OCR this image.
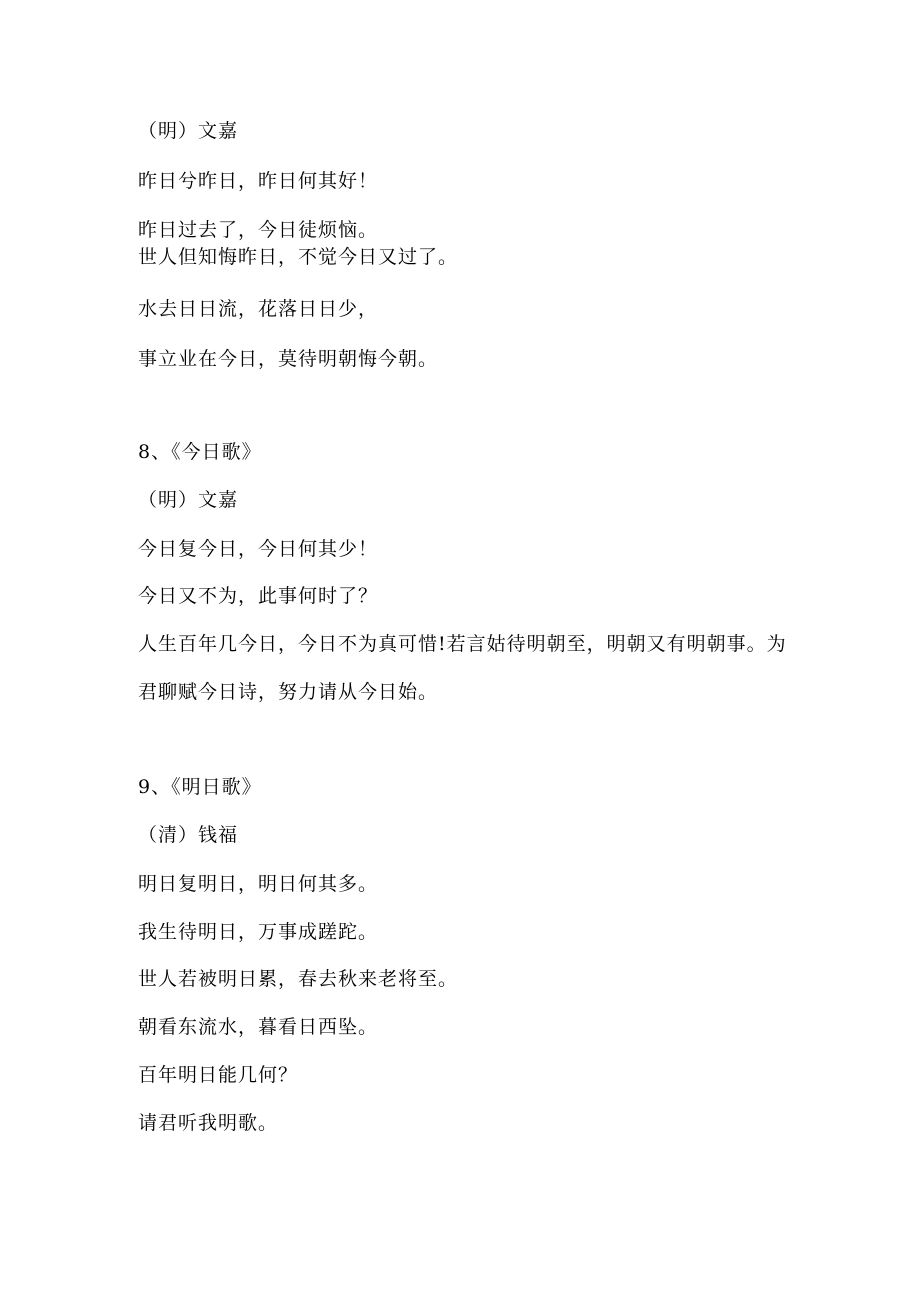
（明）文嘉
昨日兮昨日，昨日何其好！
昨日过去了，今日徒烦恼。
世人但知悔昨日，不觉今日又过了。
水去日日流，花落日日少，
事立业在今日，莫待明朝悔今朝。
8、《今日歌》
（明）文嘉
今日复今日，今日何其少！
今日又不为，此事何时了？
人生百年几今日，今日不为真可惜!若言姑待明朝至，明朝又有明朝事。为
君聊赋今日诗，努力请从今日始。
9、《明日歌》
（清）钱福
明日复明日，明日何其多。
我生待明日，万事成蹉跎。
世人若被明日累，春去秋来老将至。
朝看东流水，暮看日西坠。
百年明日能几何？
请君听我明歌。
